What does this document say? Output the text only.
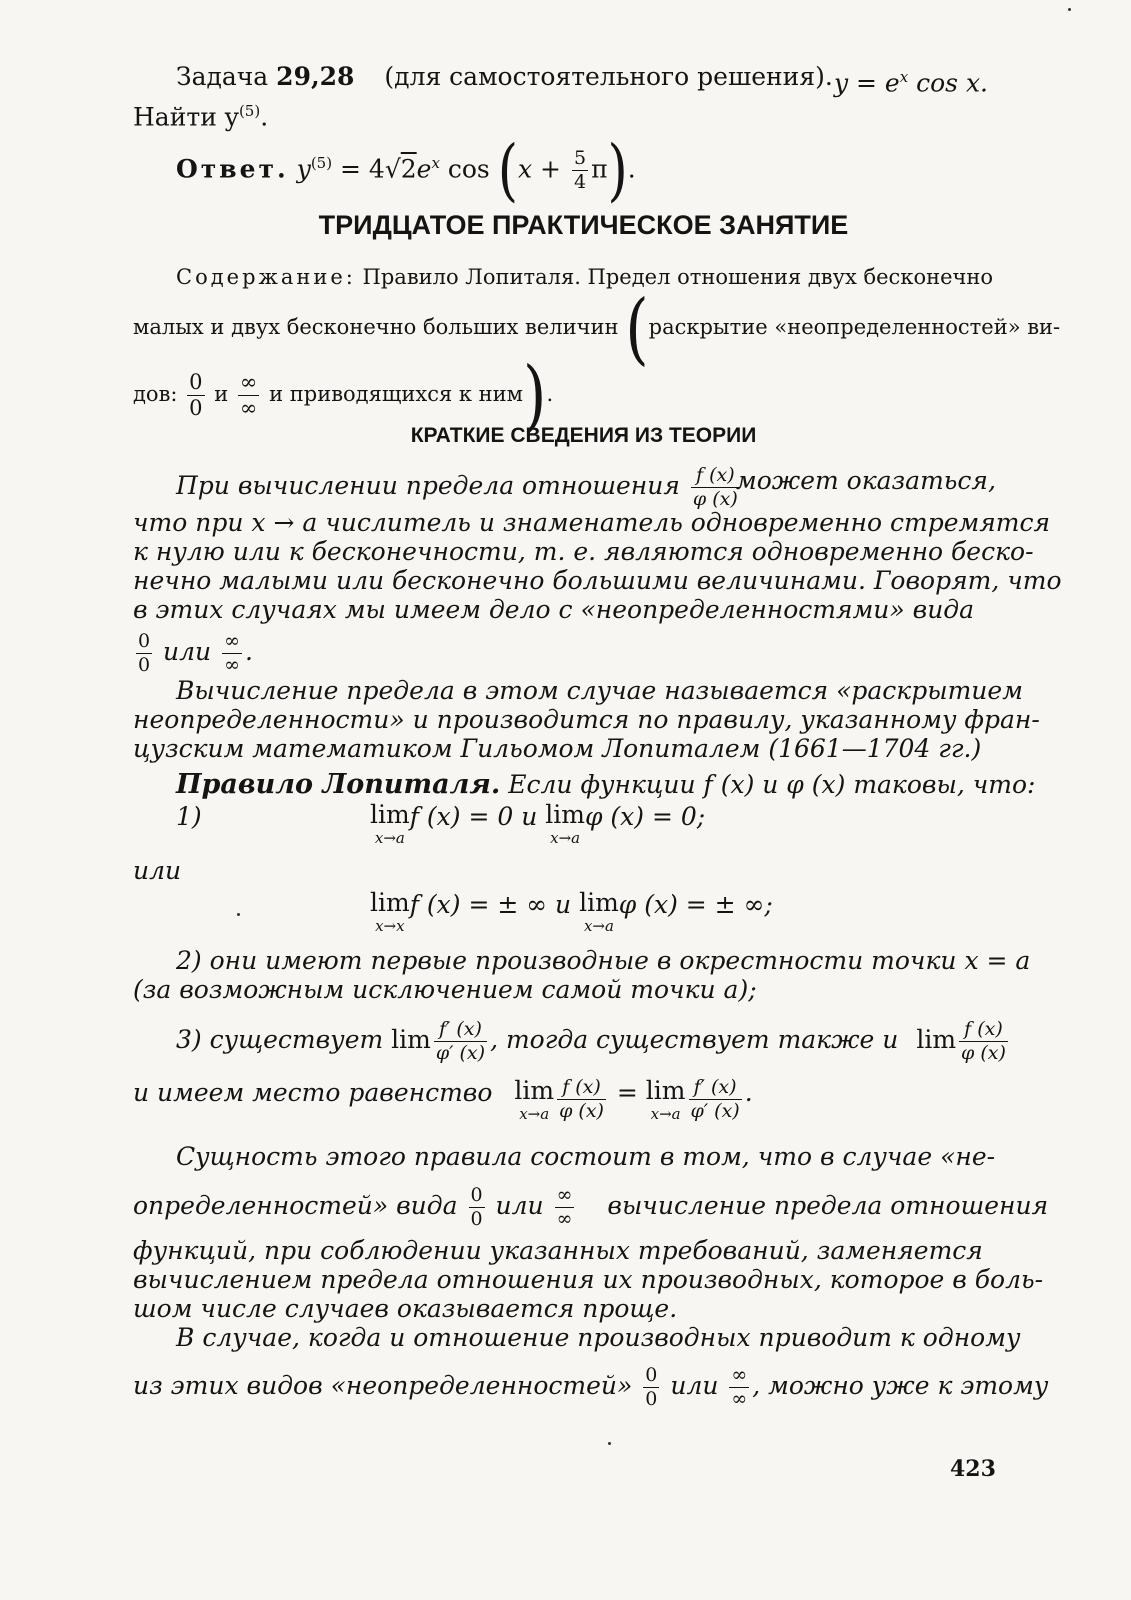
Задача 29,28 (для самостоятельного решения). $y = e^x$ cos x.
Найти $y^{(5)}$.
Ответ. $y^{(5)} = 4√2e^x$ $\cos (x + \frac{5}{4} \pi)$.
ТРИДЦАТОЕ ПРАКТИЧЕСКОЕ ЗАНЯТИЕ
Содержание: Правило Лопиталя. Предел отношения двух бесконечно
малых и двух бесконечно больших величин (раскрытие «неопределенностей» ви-
дов: $\frac{0}{0}$ и $\frac{\infty}{\infty}$ и приводящихся к ним).
КРАТКИЕ СВЕДЕНИЯ ИЗ ТЕОРИИ
При вычислении предела отношения $\frac{f (x)}{\varphi (x)}$
может оказаться,
что при x → a числитель и знаменатель одновременно стремятся
к нулю или к бесконечности, т. е. являются одновременно беско-
нечно малыми или бесконечно большими величинами. Говорят, что
в этих случаях мы имеем дело с «неопределенностями» вида
$\frac{0}{0}$ или $\frac{\infty}{\infty}$ .
Вычисление предела в этом случае называется «раскрытием
неопределенности» и производится по правилу, указанному фран-
цузским математиком Гильомом Лопиталем (1661—1704 гг.)
Правило Лопиталя. Если функции f (x) и φ (x) таковы, что:
1)	lim
x→a
f (x) = 0 и lim
x→a
φ (x) = 0;
или
lim
x→x
f (x) = ± ∞ и lim
x→a
φ (x) = ± ∞;
2) они имеют первые производные в окрестности точки x = a
(за возможным исключением самой точки a);
3) существует $\lim \frac{f' (x)}{\varphi' (x)}$ , тогда существует также и $\lim \frac{f (x)}{\varphi (x)}$
и имеем место равенство lim
$x\to a \frac{f (x)}{\varphi (x)} = \lim$
$x\to a \frac{f' (x)}{\varphi' (x)}$ .
Сущность этого правила состоит в том, что в случае «не-
определенностей» вида $\frac{0}{0}$ или $\frac{\infty}{\infty}$ вычисление предела отношения
функций, при соблюдении указанных требований, заменяется
вычислением предела отношения их производных, которое в боль-
шом числе случаев оказывается проще.
В случае, когда и отношение производных приводит к одному
из этих видов «неопределенностей» $\frac{0}{0}$ или $\frac{\infty}{\infty}$ , можно уже к этому
423
